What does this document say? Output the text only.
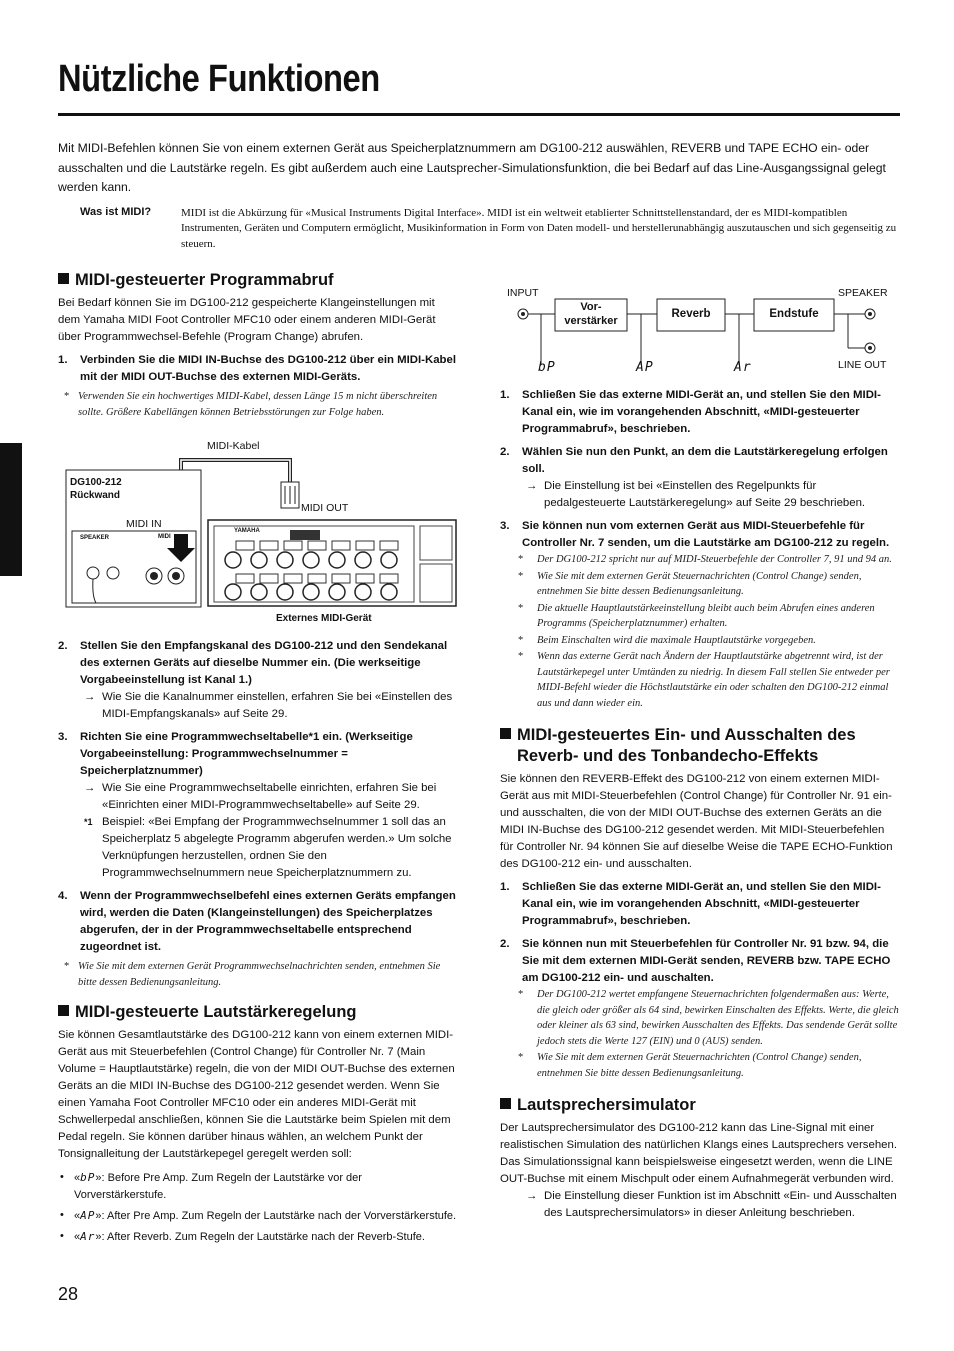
Nützliche Funktionen
Mit MIDI-Befehlen können Sie von einem externen Gerät aus Speicherplatznummern am DG100-212 auswählen, REVERB und TAPE ECHO ein- oder ausschalten und die Lautstärke regeln. Es gibt außerdem auch eine Lautsprecher-Simulationsfunktion, die bei Bedarf auf das Line-Ausgangssignal gelegt werden kann.
Was ist MIDI?	MIDI ist die Abkürzung für «Musical Instruments Digital Interface». MIDI ist ein weltweit etablierter Schnittstellenstandard, der es MIDI-kompatiblen Instrumenten, Geräten und Computern ermöglicht, Musikinformation in Form von Daten modell- und herstellerunabhängig auszutauschen und sich gegenseitig zu steuern.
MIDI-gesteuerter Programmabruf

Bei Bedarf können Sie im DG100-212 gespeicherte Klangeinstellungen mit dem Yamaha MIDI Foot Controller MFC10 oder einem anderen MIDI-Gerät über Programmwechsel-Befehle (Program Change) abrufen.

1. Verbinden Sie die MIDI IN-Buchse des DG100-212 über ein MIDI-Kabel mit der MIDI OUT-Buchse des externen MIDI-Geräts.

* Verwenden Sie ein hochwertiges MIDI-Kabel, dessen Länge 15 m nicht überschreiten sollte. Größere Kabellängen können Betriebsstörungen zur Folge haben.

MIDI-Kabel
DG100-212
Rückwand
MIDI IN
MIDI OUT
SPEAKER	MIDI
YAMAHA
Externes MIDI-Gerät

2. Stellen Sie den Empfangskanal des DG100-212 und den Sendekanal des externen Geräts auf dieselbe Nummer ein. (Die werkseitige Vorgabeeinstellung ist Kanal 1.)

→ Wie Sie die Kanalnummer einstellen, erfahren Sie bei «Einstellen des MIDI-Empfangskanals» auf Seite 29.

3. Richten Sie eine Programmwechseltabelle*1 ein. (Werkseitige Vorgabeeinstellung: Programmwechselnummer = Speicherplatznummer)

→ Wie Sie eine Programmwechseltabelle einrichten, erfahren Sie bei «Einrichten einer MIDI-Programmwechseltabelle» auf Seite 29.

*1 Beispiel: «Bei Empfang der Programmwechselnummer 1 soll das an Speicherplatz 5 abgelegte Programm abgerufen werden.» Um solche Verknüpfungen herzustellen, ordnen Sie den Programmwechselnummern neue Speicherplatznummern zu.

4. Wenn der Programmwechselbefehl eines externen Geräts empfangen wird, werden die Daten (Klangeinstellungen) des Speicherplatzes abgerufen, der in der Programmwechseltabelle entsprechend zugeordnet ist.

* Wie Sie mit dem externen Gerät Programmwechselnachrichten senden, entnehmen Sie bitte dessen Bedienungsanleitung.

MIDI-gesteuerte Lautstärkeregelung

Sie können Gesamtlautstärke des DG100-212 kann von einem externen MIDI-Gerät aus mit Steuerbefehlen (Control Change) für Controller Nr. 7 (Main Volume = Hauptlautstärke) regeln, die von der MIDI OUT-Buchse des externen Geräts an die MIDI IN-Buchse des DG100-212 gesendet werden. Wenn Sie einen Yamaha Foot Controller MFC10 oder ein anderes MIDI-Gerät mit Schwellerpedal anschließen, können Sie die Lautstärke beim Spielen mit dem Pedal regeln. Sie können darüber hinaus wählen, an welchem Punkt der Tonsignalleitung der Lautstärkepegel geregelt werden soll:

• «bP»: Before Pre Amp. Zum Regeln der Lautstärke vor der Vorverstärkerstufe.

• «AP»: After Pre Amp. Zum Regeln der Lautstärke nach der Vorverstärkerstufe.

• «Ar»: After Reverb. Zum Regeln der Lautstärke nach der Reverb-Stufe.

INPUT	SPEAKER
LINE OUT
Vor-
verstärker
Reverb	Endstufe
bP	AP	Ar

1. Schließen Sie das externe MIDI-Gerät an, und stellen Sie den MIDI-Kanal ein, wie im vorangehenden Abschnitt, «MIDI-gesteuerter Programmabruf», beschrieben.

2. Wählen Sie nun den Punkt, an dem die Lautstärkeregelung erfolgen soll.

→ Die Einstellung ist bei «Einstellen des Regelpunkts für pedalgesteuerte Lautstärkeregelung» auf Seite 29 beschrieben.

3. Sie können nun vom externen Gerät aus MIDI-Steuerbefehle für Controller Nr. 7 senden, um die Lautstärke am DG100-212 zu regeln.

* Der DG100-212 spricht nur auf MIDI-Steuerbefehle der Controller 7, 91 und 94 an.

* Wie Sie mit dem externen Gerät Steuernachrichten (Control Change) senden, entnehmen Sie bitte dessen Bedienungsanleitung.

* Die aktuelle Hauptlautstärkeeinstellung bleibt auch beim Abrufen eines anderen Programms (Speicherplatznummer) erhalten.

* Beim Einschalten wird die maximale Hauptlautstärke vorgegeben.

* Wenn das externe Gerät nach Ändern der Hauptlautstärke abgetrennt wird, ist der Lautstärkepegel unter Umtänden zu niedrig. In diesem Fall stellen Sie entweder per MIDI-Befehl wieder die Höchstlautstärke ein oder schalten den DG100-212 einmal aus und dann wieder ein.

MIDI-gesteuertes Ein- und Ausschalten des Reverb- und des Tonbandecho-Effekts

Sie können den REVERB-Effekt des DG100-212 von einem externen MIDI-Gerät aus mit MIDI-Steuerbefehlen (Control Change) für Controller Nr. 91 ein- und ausschalten, die von der MIDI OUT-Buchse des externen Geräts an die MIDI IN-Buchse des DG100-212 gesendet werden. Mit MIDI-Steuerbefehlen für Controller Nr. 94 können Sie auf dieselbe Weise die TAPE ECHO-Funktion des DG100-212 ein- und ausschalten.

1. Schließen Sie das externe MIDI-Gerät an, und stellen Sie den MIDI-Kanal ein, wie im vorangehenden Abschnitt, «MIDI-gesteuerter Programmabruf», beschrieben.

2. Sie können nun mit Steuerbefehlen für Controller Nr. 91 bzw. 94, die Sie mit dem externen MIDI-Gerät senden, REVERB bzw. TAPE ECHO am DG100-212 ein- und auschalten.

* Der DG100-212 wertet empfangene Steuernachrichten folgendermaßen aus: Werte, die gleich oder größer als 64 sind, bewirken Einschalten des Effekts. Werte, die gleich oder kleiner als 63 sind, bewirken Ausschalten des Effekts. Das sendende Gerät sollte jedoch stets die Werte 127 (EIN) und 0 (AUS) senden.

* Wie Sie mit dem externen Gerät Steuernachrichten (Control Change) senden, entnehmen Sie bitte dessen Bedienungsanleitung.

Lautsprechersimulator

Der Lautsprechersimulator des DG100-212 kann das Line-Signal mit einer realistischen Simulation des natürlichen Klangs eines Lautsprechers versehen. Das Simulationssignal kann beispielsweise eingesetzt werden, wenn die LINE OUT-Buchse mit einem Mischpult oder einem Aufnahmegerät verbunden wird.

→ Die Einstellung dieser Funktion ist im Abschnitt «Ein- und Ausschalten des Lautsprechersimulators» in dieser Anleitung beschrieben.

28
